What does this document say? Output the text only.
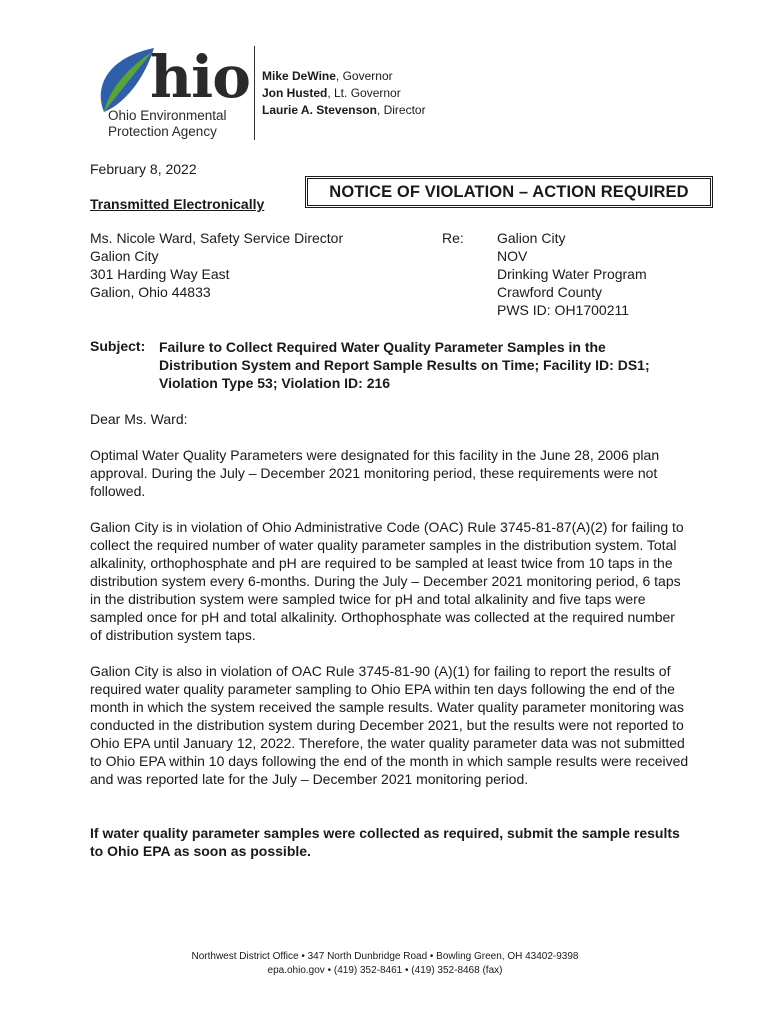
hio
Ohio Environmental
Protection Agency
Mike DeWine, Governor
Jon Husted, Lt. Governor
Laurie A. Stevenson, Director
February 8, 2022
Transmitted Electronically
NOTICE OF VIOLATION – ACTION REQUIRED
Ms. Nicole Ward, Safety Service Director
Galion City
301 Harding Way East
Galion, Ohio 44833
Re: Galion City
NOV
Drinking Water Program
Crawford County
PWS ID: OH1700211
Subject: Failure to Collect Required Water Quality Parameter Samples in the Distribution System and Report Sample Results on Time; Facility ID: DS1; Violation Type 53; Violation ID: 216
Dear Ms. Ward:

Optimal Water Quality Parameters were designated for this facility in the June 28, 2006 plan approval. During the July – December 2021 monitoring period, these requirements were not followed.

Galion City is in violation of Ohio Administrative Code (OAC) Rule 3745-81-87(A)(2) for failing to collect the required number of water quality parameter samples in the distribution system. Total alkalinity, orthophosphate and pH are required to be sampled at least twice from 10 taps in the distribution system every 6-months. During the July – December 2021 monitoring period, 6 taps in the distribution system were sampled twice for pH and total alkalinity and five taps were sampled once for pH and total alkalinity. Orthophosphate was collected at the required number of distribution system taps.

Galion City is also in violation of OAC Rule 3745-81-90 (A)(1) for failing to report the results of required water quality parameter sampling to Ohio EPA within ten days following the end of the month in which the system received the sample results. Water quality parameter monitoring was conducted in the distribution system during December 2021, but the results were not reported to Ohio EPA until January 12, 2022. Therefore, the water quality parameter data was not submitted to Ohio EPA within 10 days following the end of the month in which sample results were received and was reported late for the July – December 2021 monitoring period.

If water quality parameter samples were collected as required, submit the sample results to Ohio EPA as soon as possible.

Northwest District Office • 347 North Dunbridge Road • Bowling Green, OH 43402-9398
epa.ohio.gov • (419) 352-8461 • (419) 352-8468 (fax)
